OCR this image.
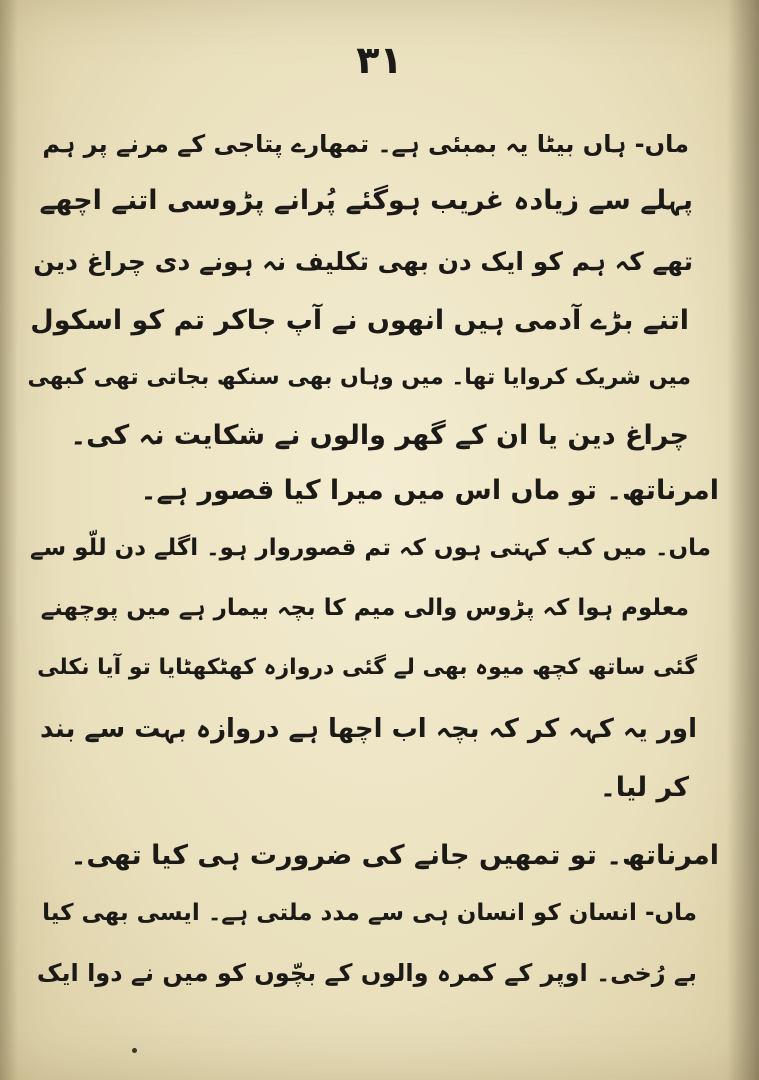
۳۱
ماں- ہاں بیٹا یہ بمبئی ہے۔ تمھارے پتاجی کے مرنے پر ہم
پہلے سے زیادہ غریب ہوگئے پُرانے پڑوسی اتنے اچھے
تھے کہ ہم کو ایک دن بھی تکلیف نہ ہونے دی چراغ دین
اتنے بڑے آدمی ہیں انھوں نے آپ جاکر تم کو اسکول
میں شریک کروایا تھا۔ میں وہاں بھی سنکھ بجاتی تھی کبھی
چراغ دین یا ان کے گھر والوں نے شکایت نہ کی۔
امرناتھ۔ تو ماں اس میں میرا کیا قصور ہے۔
ماں۔ میں کب کہتی ہوں کہ تم قصوروار ہو۔ اگلے دن للّو سے
معلوم ہوا کہ پڑوس والی میم کا بچہ بیمار ہے میں پوچھنے
گئی ساتھ کچھ میوہ بھی لے گئی دروازہ کھٹکھٹایا تو آیا نکلی
اور یہ کہہ کر کہ بچہ اب اچھا ہے دروازہ بہت سے بند
کر لیا۔
امرناتھ۔ تو تمھیں جانے کی ضرورت ہی کیا تھی۔
ماں- انسان کو انسان ہی سے مدد ملتی ہے۔ ایسی بھی کیا
بے رُخی۔ اوپر کے کمرہ والوں کے بچّوں کو میں نے دوا ایک
